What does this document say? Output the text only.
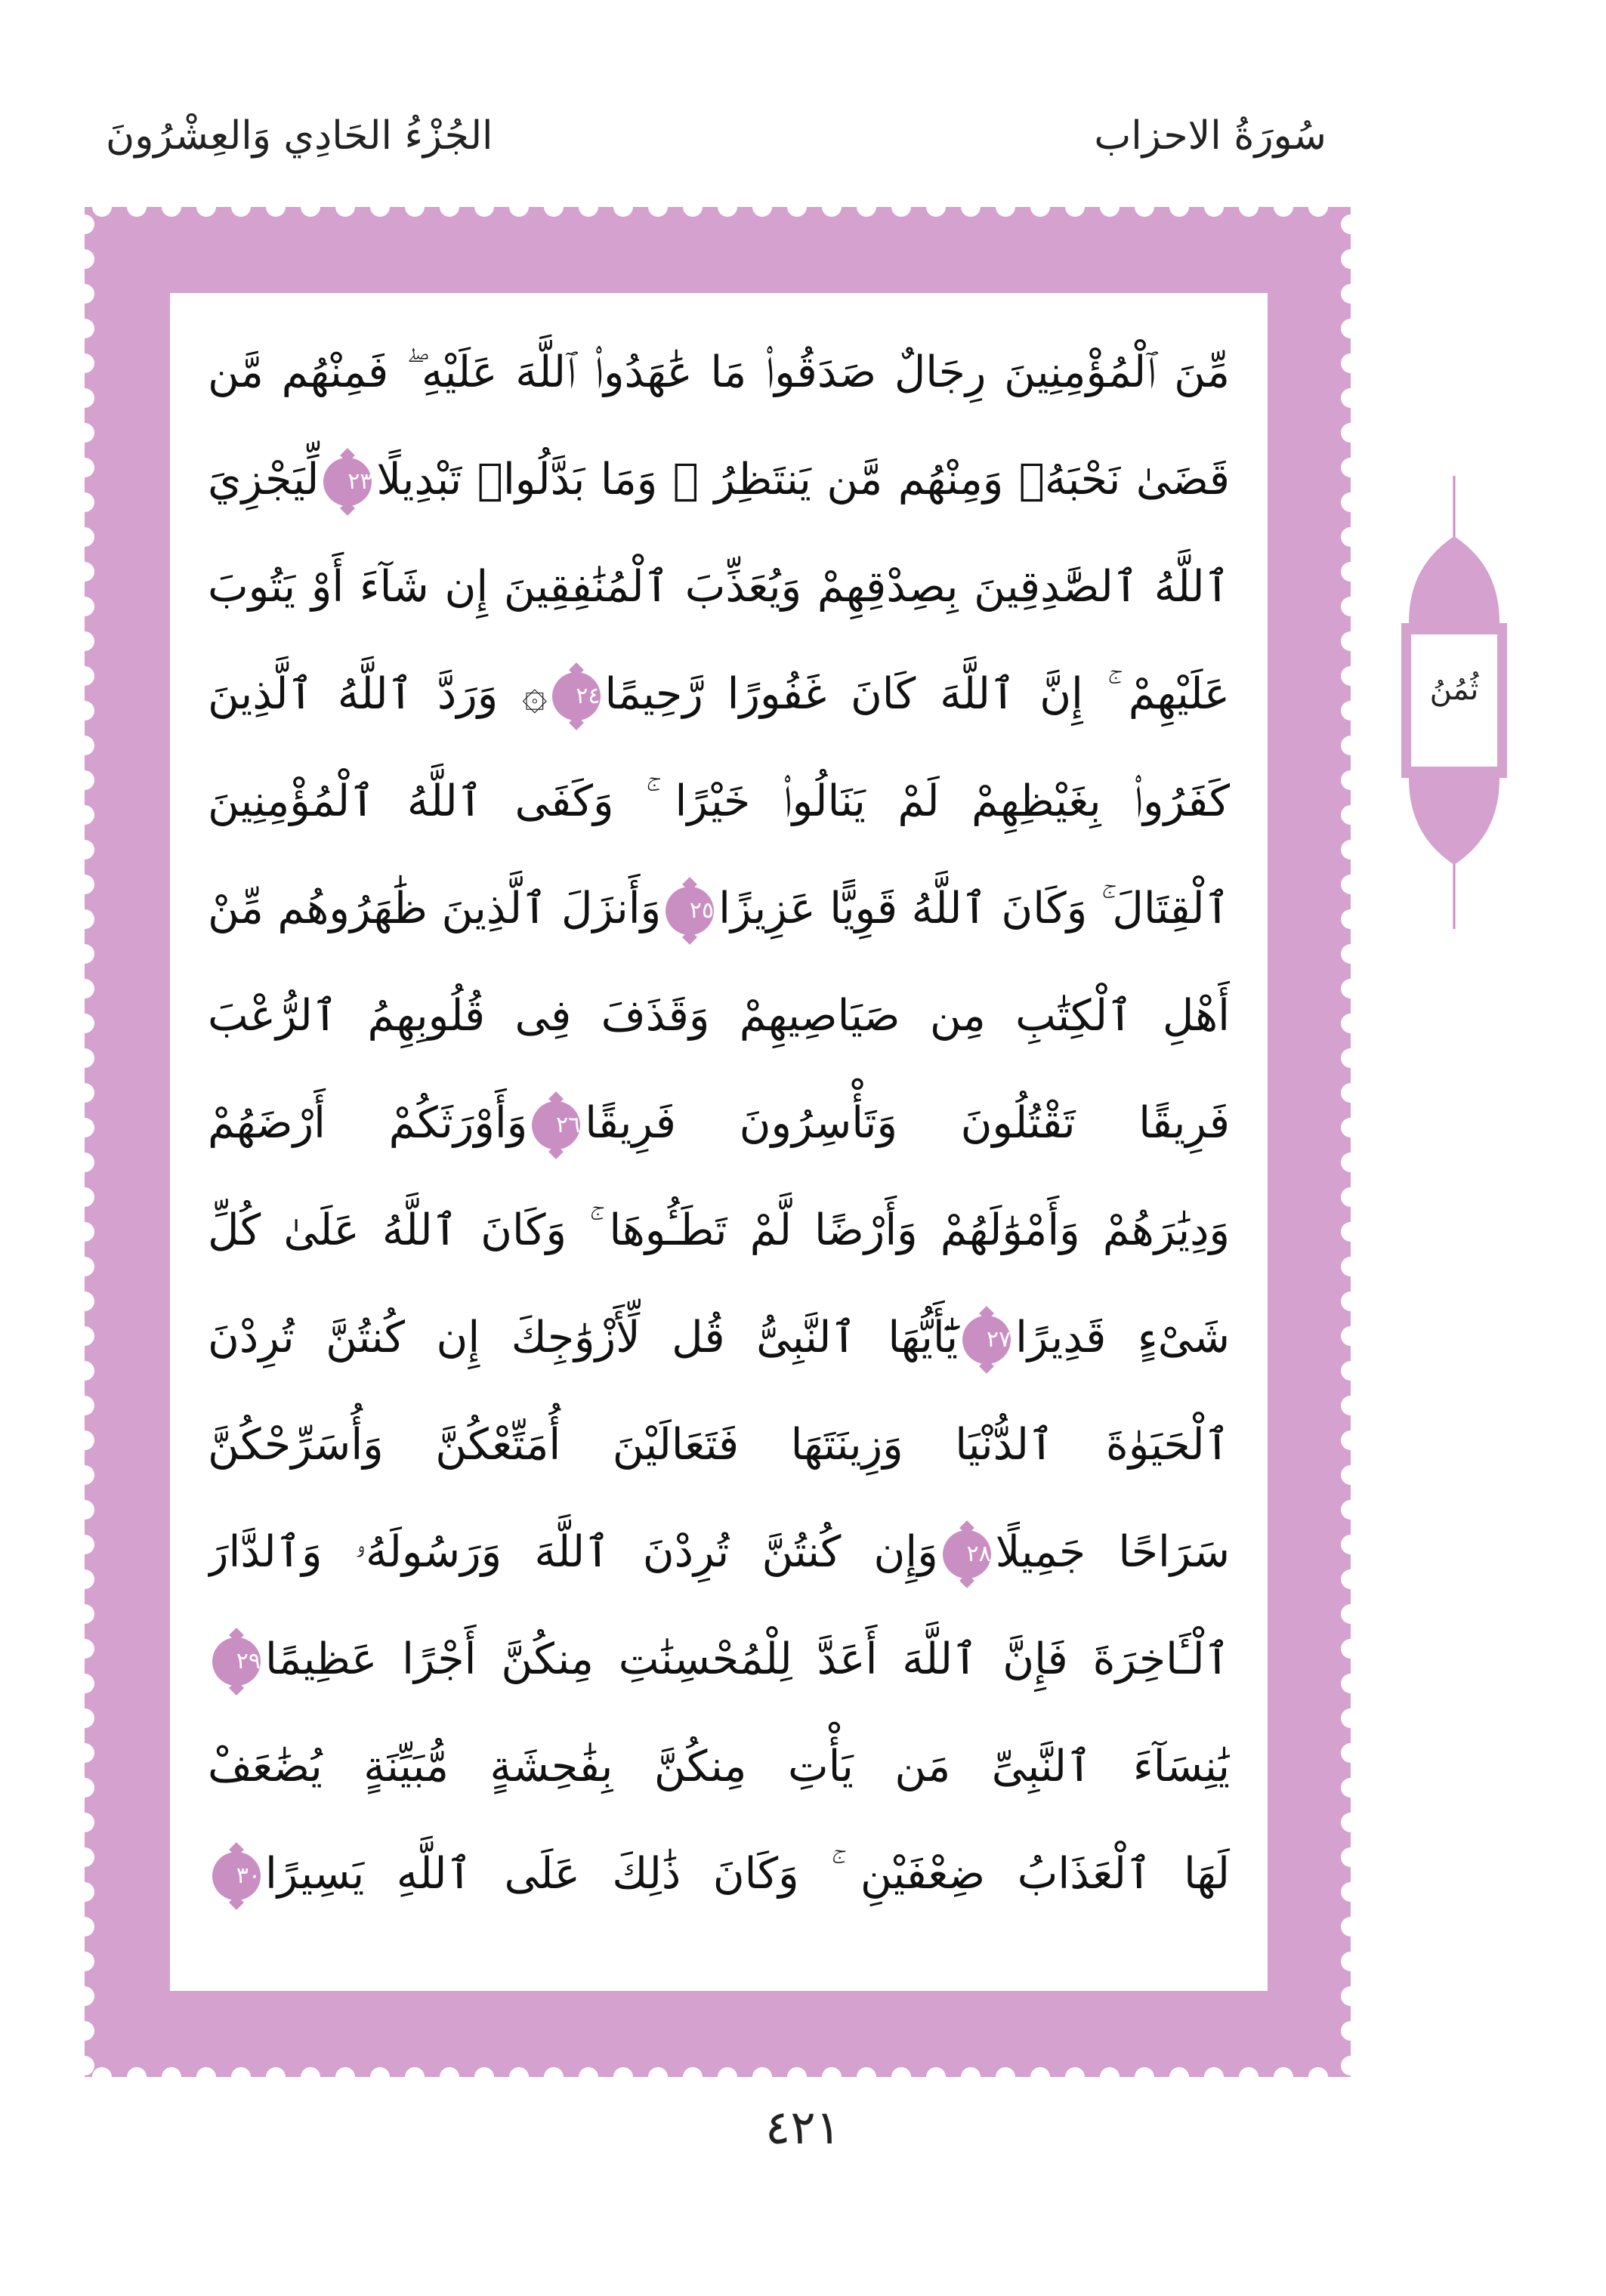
سُورَةُ الاحزاب
الجُزْءُ الحَادِي وَالعِشْرُونَ
مِّنَ ٱلْمُؤْمِنِينَ رِجَالٌ صَدَقُوا۟ مَا عَٰهَدُوا۟ ٱللَّهَ عَلَيْهِ ۖ فَمِنْهُم مَّن
قَضَىٰ نَحْبَهُۥ وَمِنْهُم مَّن يَنتَظِرُ ۖ وَمَا بَدَّلُوا۟ تَبْدِيلًا٢٣لِّيَجْزِيَ
ٱللَّهُ ٱلصَّٰدِقِينَ بِصِدْقِهِمْ وَيُعَذِّبَ ٱلْمُنَٰفِقِينَ إِن شَآءَ أَوْ يَتُوبَ
عَلَيْهِمْ ۚ إِنَّ ٱللَّهَ كَانَ غَفُورًا رَّحِيمًا٢٤۞ وَرَدَّ ٱللَّهُ ٱلَّذِينَ
كَفَرُوا۟ بِغَيْظِهِمْ لَمْ يَنَالُوا۟ خَيْرًا ۚ وَكَفَى ٱللَّهُ ٱلْمُؤْمِنِينَ
ٱلْقِتَالَ ۚ وَكَانَ ٱللَّهُ قَوِيًّا عَزِيزًا٢٥وَأَنزَلَ ٱلَّذِينَ ظَٰهَرُوهُم مِّنْ
أَهْلِ ٱلْكِتَٰبِ مِن صَيَاصِيهِمْ وَقَذَفَ فِى قُلُوبِهِمُ ٱلرُّعْبَ
فَرِيقًا تَقْتُلُونَ وَتَأْسِرُونَ فَرِيقًا٢٦وَأَوْرَثَكُمْ أَرْضَهُمْ
وَدِيَٰرَهُمْ وَأَمْوَٰلَهُمْ وَأَرْضًا لَّمْ تَطَـُٔوهَا ۚ وَكَانَ ٱللَّهُ عَلَىٰ كُلِّ
شَىْءٍ قَدِيرًا٢٧يَٰٓأَيُّهَا ٱلنَّبِىُّ قُل لِّأَزْوَٰجِكَ إِن كُنتُنَّ تُرِدْنَ
ٱلْحَيَوٰةَ ٱلدُّنْيَا وَزِينَتَهَا فَتَعَالَيْنَ أُمَتِّعْكُنَّ وَأُسَرِّحْكُنَّ
سَرَاحًا جَمِيلًا٢٨وَإِن كُنتُنَّ تُرِدْنَ ٱللَّهَ وَرَسُولَهُۥ وَٱلدَّارَ
ٱلْـَٔاخِرَةَ فَإِنَّ ٱللَّهَ أَعَدَّ لِلْمُحْسِنَٰتِ مِنكُنَّ أَجْرًا عَظِيمًا٢٩
يَٰنِسَآءَ ٱلنَّبِىِّ مَن يَأْتِ مِنكُنَّ بِفَٰحِشَةٍ مُّبَيِّنَةٍ يُضَٰعَفْ
لَهَا ٱلْعَذَابُ ضِعْفَيْنِ ۚ وَكَانَ ذَٰلِكَ عَلَى ٱللَّهِ يَسِيرًا٣٠
ثُمُنُ
٤٢١
